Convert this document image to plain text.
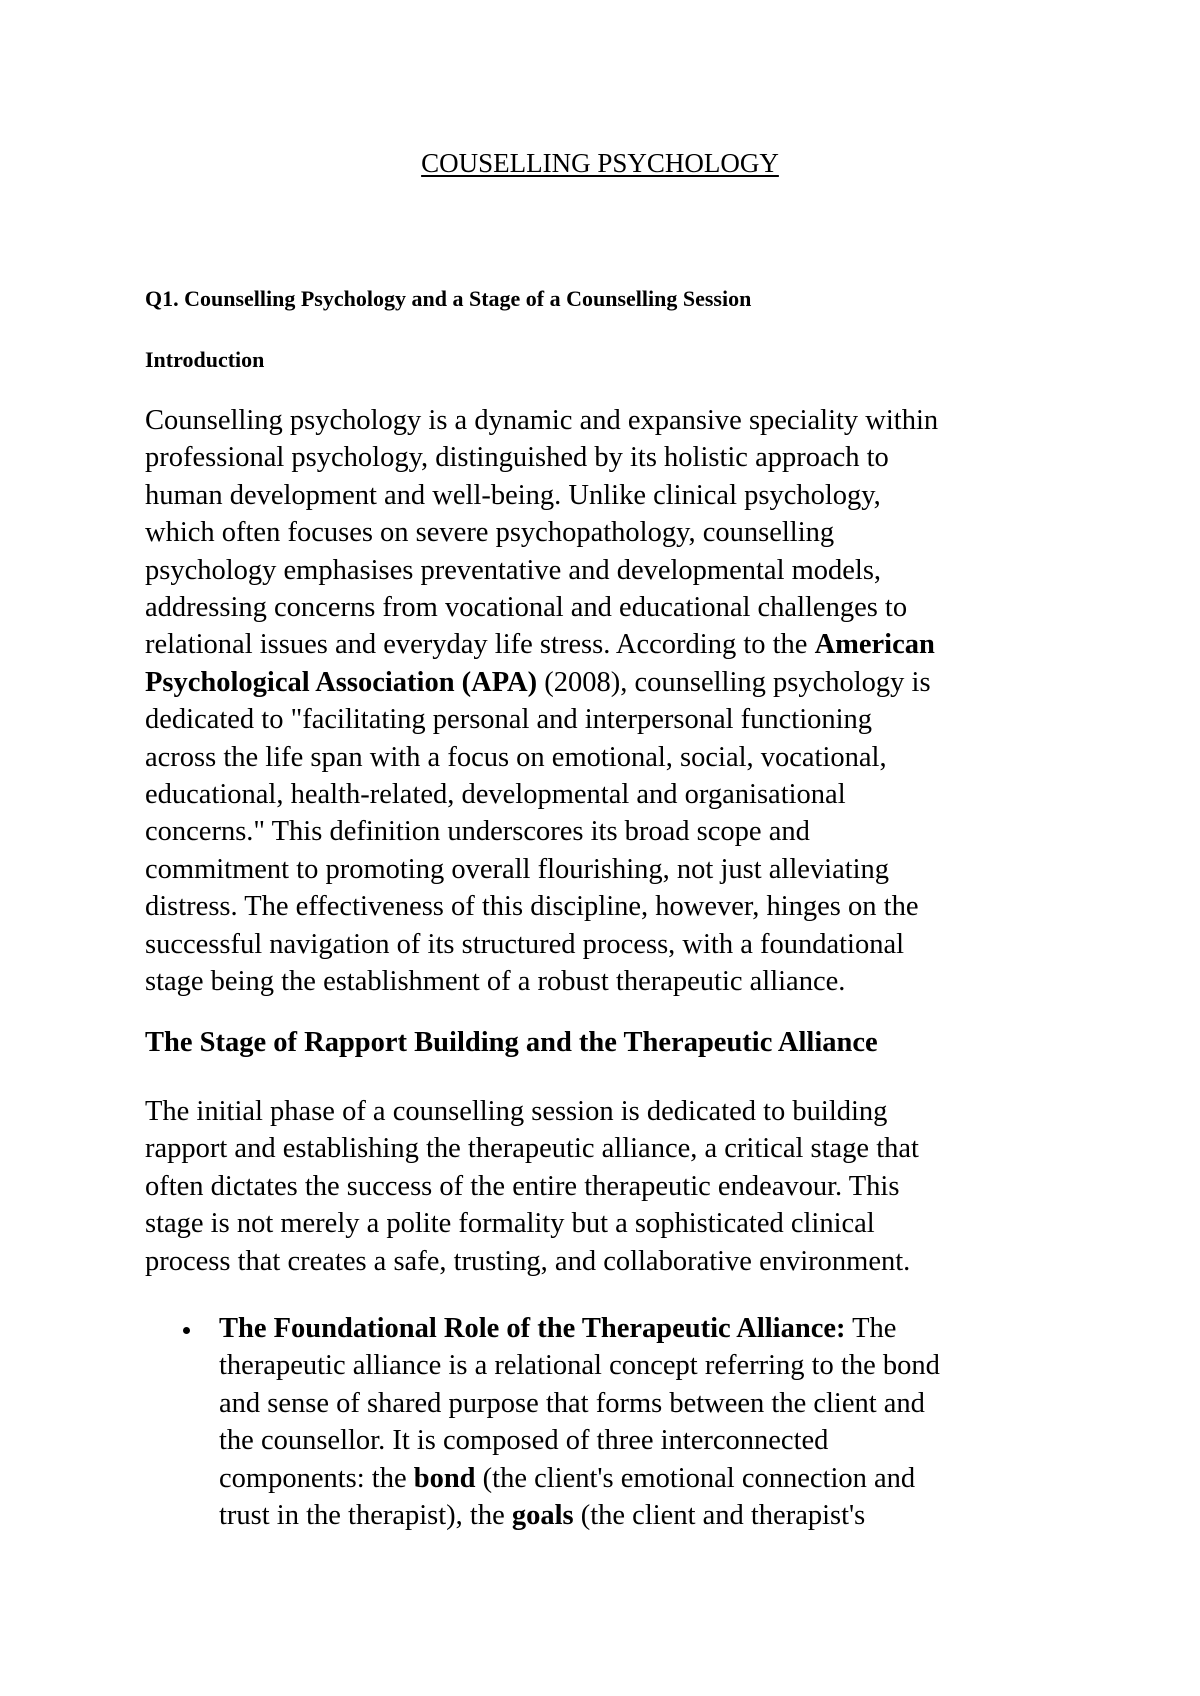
COUSELLING PSYCHOLOGY

Q1. Counselling Psychology and a Stage of a Counselling Session

Introduction

Counselling psychology is a dynamic and expansive speciality within
professional psychology, distinguished by its holistic approach to
human development and well-being. Unlike clinical psychology,
which often focuses on severe psychopathology, counselling
psychology emphasises preventative and developmental models,
addressing concerns from vocational and educational challenges to
relational issues and everyday life stress. According to the American
Psychological Association (APA) (2008), counselling psychology is
dedicated to "facilitating personal and interpersonal functioning
across the life span with a focus on emotional, social, vocational,
educational, health-related, developmental and organisational
concerns." This definition underscores its broad scope and
commitment to promoting overall flourishing, not just alleviating
distress. The effectiveness of this discipline, however, hinges on the
successful navigation of its structured process, with a foundational
stage being the establishment of a robust therapeutic alliance.

The Stage of Rapport Building and the Therapeutic Alliance

The initial phase of a counselling session is dedicated to building
rapport and establishing the therapeutic alliance, a critical stage that
often dictates the success of the entire therapeutic endeavour. This
stage is not merely a polite formality but a sophisticated clinical
process that creates a safe, trusting, and collaborative environment.

The Foundational Role of the Therapeutic Alliance: The
therapeutic alliance is a relational concept referring to the bond
and sense of shared purpose that forms between the client and
the counsellor. It is composed of three interconnected
components: the bond (the client's emotional connection and
trust in the therapist), the goals (the client and therapist's
